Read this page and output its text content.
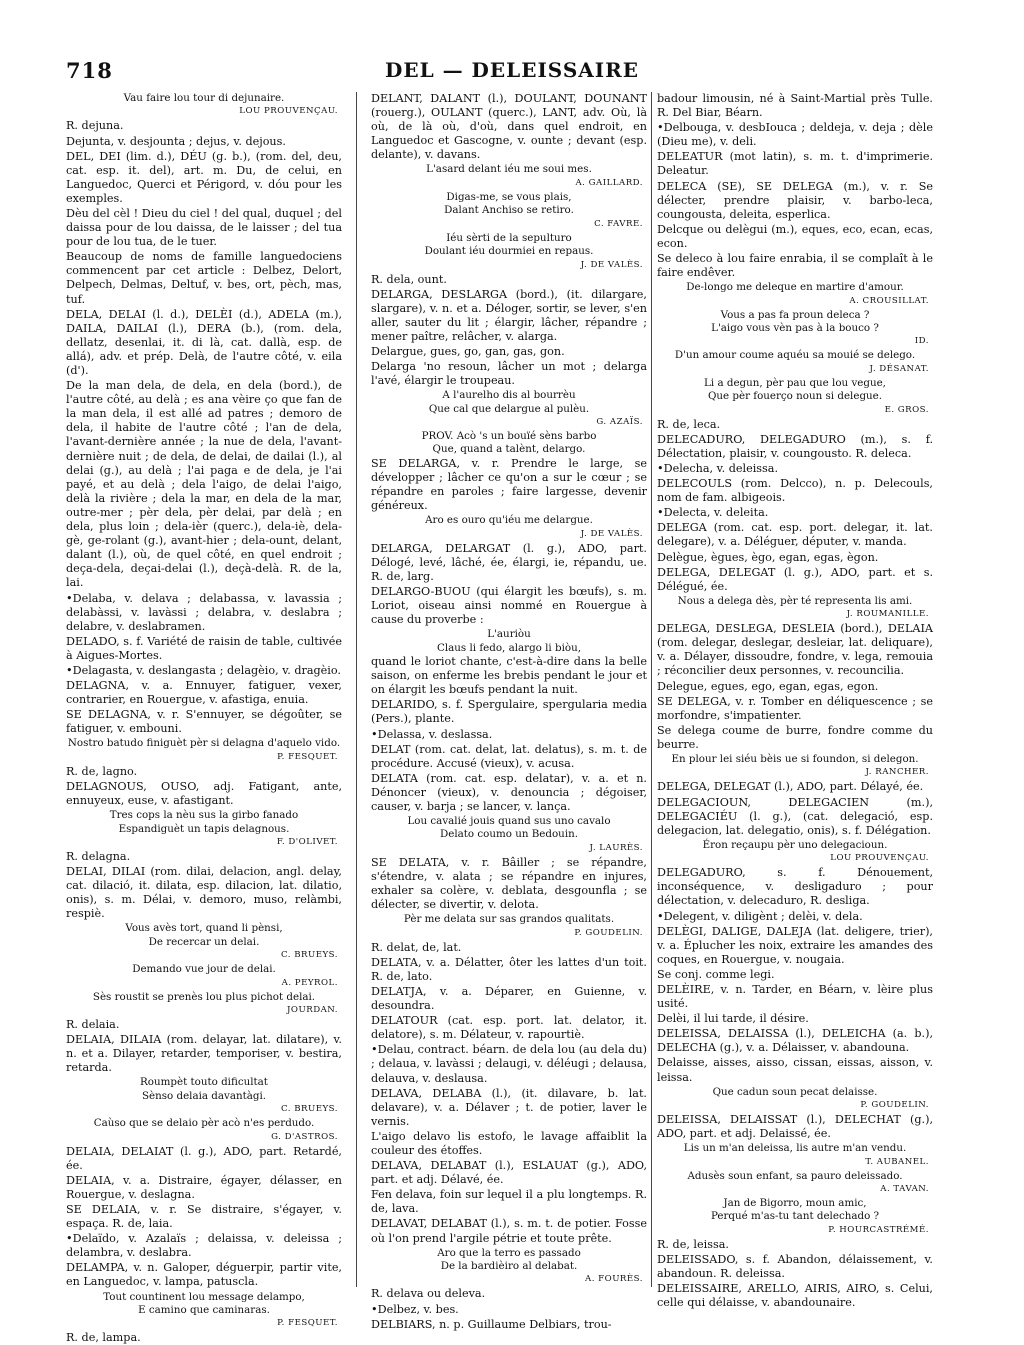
718	DEL — DELEISSAIRE

Vau faire lou tour di dejunaire.

LOU PROUVENÇAU.

R. dejuna.

Dejunta, v. desjounta ; dejus, v. dejous.

DEL, DEI (lim. d.), DÉU (g. b.), (rom. del, deu, cat. esp. it. del), art. m. Du, de celui, en Languedoc, Querci et Périgord, v. dóu pour les exemples.

Dèu del cèl ! Dieu du ciel ! del qual, duquel ; del daissa pour de lou daissa, de le laisser ; del tua pour de lou tua, de le tuer.

Beaucoup de noms de famille languedociens commencent par cet article : Delbez, Delort, Delpech, Delmas, Deltuf, v. bes, ort, pèch, mas, tuf.

DELA, DELAI (l. d.), DELÈI (d.), ADELA (m.), DAILA, DAILAI (l.), DERA (b.), (rom. dela, dellatz, desenlai, it. di là, cat. dallà, esp. de allá), adv. et prép. Delà, de l'autre côté, v. eila (d').

De la man dela, de dela, en dela (bord.), de l'autre côté, au delà ; es ana vèire ço que fan de la man dela, il est allé ad patres ; demoro de dela, il habite de l'autre côté ; l'an de dela, l'avant-dernière année ; la nue de dela, l'avant-dernière nuit ; de dela, de delai, de dailai (l.), al delai (g.), au delà ; l'ai paga e de dela, je l'ai payé, et au delà ; dela l'aigo, de delai l'aigo, delà la rivière ; dela la mar, en dela de la mar, outre-mer ; pèr dela, pèr delai, par delà ; en dela, plus loin ; dela-ièr (querc.), dela-iè, dela-gè, ge-rolant (g.), avant-hier ; dela-ount, delant, dalant (l.), où, de quel côté, en quel endroit ; deça-dela, deçai-delai (l.), deçà-delà. R. de la, lai.

•Delaba, v. delava ; delabassa, v. lavassia ; delabàssi, v. lavàssi ; delabra, v. deslabra ; delabre, v. deslabramen.

DELADO, s. f. Variété de raisin de table, cultivée à Aigues-Mortes.

•Delagasta, v. deslangasta ; delagèio, v. dragèio.

DELAGNA, v. a. Ennuyer, fatiguer, vexer, contrarier, en Rouergue, v. afastiga, enuia.

SE DELAGNA, v. r. S'ennuyer, se dégoûter, se fatiguer, v. embouni.

Nostro batudo finiguèt pèr si delagna d'aquelo vido.

P. FESQUET.

R. de, lagno.

DELAGNOUS, OUSO, adj. Fatigant, ante, ennuyeux, euse, v. afastigant.

Tres cops la nèu sus la girbo fanado

Espandiguèt un tapis delagnous.

F. D'OLIVET.

R. delagna.

DELAI, DILAI (rom. dilai, delacion, angl. delay, cat. dilació, it. dilata, esp. dilacion, lat. dilatio, onis), s. m. Délai, v. demoro, muso, relàmbi, respiè.

Vous avès tort, quand li pènsi,

De recercar un delai.

C. BRUEYS.

Demando vue jour de delai.

A. PEYROL.

Sès roustit se prenès lou plus pichot delai.

JOURDAN.

R. delaia.

DELAIA, DILAIA (rom. delayar, lat. dilatare), v. n. et a. Dilayer, retarder, temporiser, v. bestira, retarda.

Roumpèt touto dificultat

Sènso delaia davantàgi.

C. BRUEYS.

Caùso que se delaio pèr acò n'es perdudo.

G. D'ASTROS.

DELAIA, DELAIAT (l. g.), ADO, part. Retardé, ée.

DELAIA, v. a. Distraire, égayer, délasser, en Rouergue, v. deslagna.

SE DELAIA, v. r. Se distraire, s'égayer, v. espaça. R. de, laia.

•Delaïdo, v. Azalaïs ; delaissa, v. deleissa ; delambra, v. deslabra.

DELAMPA, v. n. Galoper, déguerpir, partir vite, en Languedoc, v. lampa, patuscla.

Tout countinent lou message delampo,

E camino que caminaras.

P. FESQUET.

R. de, lampa.

DELANT, DALANT (l.), DOULANT, DOUNANT (rouerg.), OULANT (querc.), LANT, adv. Où, là où, de là où, d'où, dans quel endroit, en Languedoc et Gascogne, v. ounte ; devant (esp. delante), v. davans.

L'asard delant iéu me soui mes.

A. GAILLARD.

Digas-me, se vous plais,

Dalant Anchiso se retiro.

C. FAVRE.

Iéu sèrti de la sepulturo

Doulant iéu dourmiei en repaus.

J. DE VALÈS.

R. dela, ount.

DELARGA, DESLARGA (bord.), (it. dilargare, slargare), v. n. et a. Déloger, sortir, se lever, s'en aller, sauter du lit ; élargir, lâcher, répandre ; mener paître, relâcher, v. alarga.

Delargue, gues, go, gan, gas, gon.

Delarga 'no resoun, lâcher un mot ; delarga l'avé, élargir le troupeau.

A l'aurelho dis al bourrèu

Que cal que delargue al pulèu.

G. AZAÏS.

PROV. Acò 's un bouïé sèns barbo

Que, quand a talènt, delargo.

SE DELARGA, v. r. Prendre le large, se développer ; lâcher ce qu'on a sur le cœur ; se répandre en paroles ; faire largesse, devenir généreux.

Aro es ouro qu'iéu me delargue.

J. DE VALÈS.

DELARGA, DELARGAT (l. g.), ADO, part. Délogé, levé, lâché, ée, élargi, ie, répandu, ue. R. de, larg.

DELARGO-BUOU (qui élargit les bœufs), s. m. Loriot, oiseau ainsi nommé en Rouergue à cause du proverbe :

L'auriòu

Claus li fedo, alargo li biòu,

quand le loriot chante, c'est-à-dire dans la belle saison, on enferme les brebis pendant le jour et on élargit les bœufs pendant la nuit.

DELARIDO, s. f. Spergulaire, spergularia media (Pers.), plante.

•Delassa, v. deslassa.

DELAT (rom. cat. delat, lat. delatus), s. m. t. de procédure. Accusé (vieux), v. acusa.

DELATA (rom. cat. esp. delatar), v. a. et n. Dénoncer (vieux), v. denouncia ; dégoiser, causer, v. barja ; se lancer, v. lança.

Lou cavalié jouis quand sus uno cavalo

Delato coumo un Bedouin.

J. LAURÈS.

SE DELATA, v. r. Bâiller ; se répandre, s'étendre, v. alata ; se répandre en injures, exhaler sa colère, v. deblata, desgounfla ; se délecter, se divertir, v. delota.

Pèr me delata sur sas grandos qualitats.

P. GOUDELIN.

R. delat, de, lat.

DELATA, v. a. Délatter, ôter les lattes d'un toit. R. de, lato.

DELATJA, v. a. Déparer, en Guienne, v. desoundra.

DELATOUR (cat. esp. port. lat. delator, it. delatore), s. m. Délateur, v. rapourtiè.

•Delau, contract. béarn. de dela lou (au dela du) ; delaua, v. lavàssi ; delaugi, v. déléugi ; delausa, delauva, v. deslausa.

DELAVA, DELABA (l.), (it. dilavare, b. lat. delavare), v. a. Délaver ; t. de potier, laver le vernis.

L'aigo delavo lis estofo, le lavage affaiblit la couleur des étoffes.

DELAVA, DELABAT (l.), ESLAUAT (g.), ADO, part. et adj. Délavé, ée.

Fen delava, foin sur lequel il a plu longtemps. R. de, lava.

DELAVAT, DELABAT (l.), s. m. t. de potier. Fosse où l'on prend l'argile pétrie et toute prête.

Aro que la terro es passado

De la bardièiro al delabat.

A. FOURÈS.

R. delava ou deleva.

•Delbez, v. bes.

DELBIARS, n. p. Guillaume Delbiars, trou-

badour limousin, né à Saint-Martial près Tulle. R. Del Biar, Béarn.

•Delbouga, v. desbIouca ; deldeja, v. deja ; dèle (Dieu me), v. deli.

DELEATUR (mot latin), s. m. t. d'imprimerie. Deleatur.

DELECA (SE), SE DELEGA (m.), v. r. Se délecter, prendre plaisir, v. barbo-leca, coungousta, deleita, esperlica.

Delcque ou delègui (m.), eques, eco, ecan, ecas, econ.

Se deleco à lou faire enrabia, il se complaît à le faire endêver.

De-longo me deleque en martire d'amour.

A. CROUSILLAT.

Vous a pas fa proun deleca ?

L'aigo vous vèn pas à la bouco ?

ID.

D'un amour coume aquéu sa mouié se delego.

J. DÉSANAT.

Li a degun, pèr pau que lou vegue,

Que pèr fouerço noun si delegue.

E. GROS.

R. de, leca.

DELECADURO, DELEGADURO (m.), s. f. Délectation, plaisir, v. coungousto. R. deleca.

•Delecha, v. deleissa.

DELECOULS (rom. Delcco), n. p. Delecouls, nom de fam. albigeois.

•Delecta, v. deleita.

DELEGA (rom. cat. esp. port. delegar, it. lat. delegare), v. a. Déléguer, députer, v. manda.

Delègue, ègues, ègo, egan, egas, ègon.

DELEGA, DELEGAT (l. g.), ADO, part. et s. Délégué, ée.

Nous a delega dès, pèr té representa lis ami.

J. ROUMANILLE.

DELEGA, DESLEGA, DESLEIA (bord.), DELAIA (rom. delegar, deslegar, desleiar, lat. deliquare), v. a. Délayer, dissoudre, fondre, v. lega, remouia ; réconcilier deux personnes, v. recouncilia.

Delegue, egues, ego, egan, egas, egon.

SE DELEGA, v. r. Tomber en déliquescence ; se morfondre, s'impatienter.

Se delega coume de burre, fondre comme du beurre.

En plour lei siéu bèis ue si foundon, si delegon.

J. RANCHER.

DELEGA, DELEGAT (l.), ADO, part. Délayé, ée.

DELEGACIOUN, DELEGACIEN (m.), DELEGACIÉU (l. g.), (cat. delegació, esp. delegacion, lat. delegatio, onis), s. f. Délégation.

Éron reçaupu pèr uno delegacioun.

LOU PROUVENÇAU.

DELEGADURO, s. f. Dénouement, inconséquence, v. desligaduro ; pour délectation, v. delecaduro, R. desliga.

•Delegent, v. diligènt ; delèi, v. dela.

DELÈGI, DALIGE, DALEJA (lat. deligere, trier), v. a. Éplucher les noix, extraire les amandes des coques, en Rouergue, v. nougaia.

Se conj. comme legi.

DELÈIRE, v. n. Tarder, en Béarn, v. lèire plus usité.

Delèi, il lui tarde, il désire.

DELEISSA, DELAISSA (l.), DELEICHA (a. b.), DELECHA (g.), v. a. Délaisser, v. abandouna.

Delaisse, aisses, aisso, cissan, eissas, aisson, v. leissa.

Que cadun soun pecat delaisse.

P. GOUDELIN.

DELEISSA, DELAISSAT (l.), DELECHAT (g.), ADO, part. et adj. Delaissé, ée.

Lis un m'an deleissa, lis autre m'an vendu.

T. AUBANEL.

Adusès soun enfant, sa pauro deleissado.

A. TAVAN.

Jan de Bigorro, moun amic,

Perqué m'as-tu tant delechado ?

P. HOURCASTRÉMÉ.

R. de, leissa.

DELEISSADO, s. f. Abandon, délaissement, v. abandoun. R. deleissa.

DELEISSAIRE, ARELLO, AIRIS, AIRO, s. Celui, celle qui délaisse, v. abandounaire.
